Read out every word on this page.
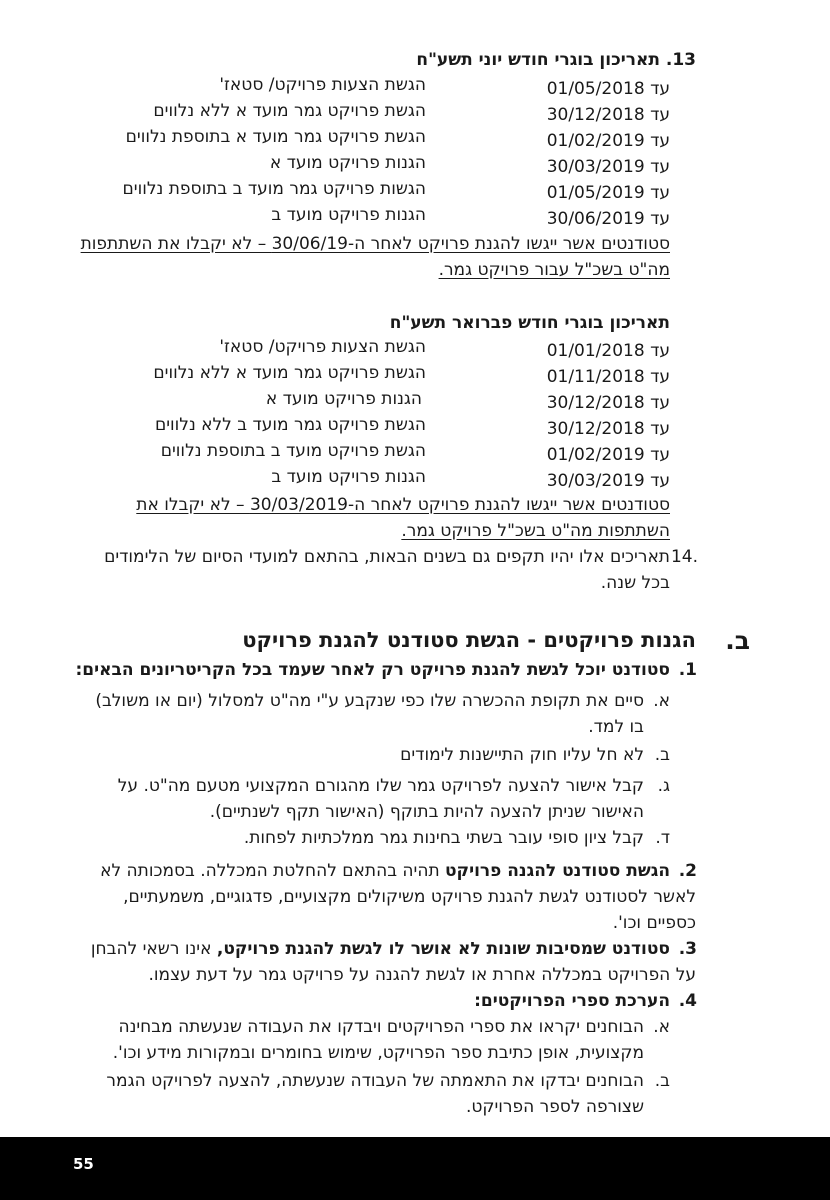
13. תאריכון בוגרי חודש יוני תשע"ח
עד 01/05/2018
הגשת הצעות פרויקט/ סטאז'
עד 30/12/2018
הגשת פרויקט גמר מועד א ללא נלווים
עד 01/02/2019
הגשת פרויקט גמר מועד א בתוספת נלווים
עד 30/03/2019
הגנות פרויקט מועד א
עד 01/05/2019
הגשות פרויקט גמר מועד ב בתוספת נלווים
עד 30/06/2019
הגנות פרויקט מועד ב
סטודנטים אשר ייגשו להגנת פרויקט לאחר ה-30/06/19 – לא יקבלו את השתתפות
מה"ט בשכ"ל עבור פרויקט גמר.
תאריכון בוגרי חודש פברואר תשע"ח
עד 01/01/2018
הגשת הצעות פרויקט/ סטאז'
עד 01/11/2018
הגשת פרויקט גמר מועד א ללא נלווים
עד 30/12/2018
הגנות פרויקט מועד א
עד 30/12/2018
הגשת פרויקט גמר מועד ב ללא נלווים
עד 01/02/2019
הגשת פרויקט מועד ב בתוספת נלווים
עד 30/03/2019
הגנות פרויקט מועד ב
סטודנטים אשר ייגשו להגנת פרויקט לאחר ה-30/03/2019 – לא יקבלו את
השתתפות מה"ט בשכ"ל פרויקט גמר.
14.
תאריכים אלו יהיו תקפים גם בשנים הבאות, בהתאם למועדי הסיום של הלימודים
בכל שנה.
ב.
הגנות פרויקטים - הגשת סטודנט להגנת פרויקט
1.
סטודנט יוכל לגשת להגנת פרויקט רק לאחר שעמד בכל הקריטריונים הבאים:
א.
סיים את תקופת ההכשרה שלו כפי שנקבע ע"י מה"ט למסלול (יום או משולב)
בו למד.
ב.
לא חל עליו חוק התיישנות לימודים
ג.
קבל אישור להצעה לפרויקט גמר שלו מהגורם המקצועי מטעם מה"ט. על
האישור שניתן להצעה להיות בתוקף (האישור תקף לשנתיים).
ד.
קבל ציון סופי עובר בשתי בחינות גמר ממלכתיות לפחות.
2.
הגשת סטודנט להגנה פרויקט תהיה בהתאם להחלטת המכללה. בסמכותה לא
לאשר לסטודנט לגשת להגנת פרויקט משיקולים מקצועיים, פדגוגיים, משמעתיים,
כספיים וכו'.
3.
סטודנט שמסיבות שונות לא אושר לו לגשת להגנת פרויקט, אינו רשאי להבחן
על הפרויקט במכללה אחרת או לגשת להגנה על פרויקט גמר על דעת עצמו.
4.
הערכת ספרי הפרויקטים:
א.
הבוחנים יקראו את ספרי הפרויקטים ויבדקו את העבודה שנעשתה מבחינה
מקצועית, אופן כתיבת ספר הפרויקט, שימוש בחומרים ובמקורות מידע וכו'.
ב.
הבוחנים יבדקו את התאמתה של העבודה שנעשתה, להצעה לפרויקט הגמר
שצורפה לספר הפרויקט.
55
